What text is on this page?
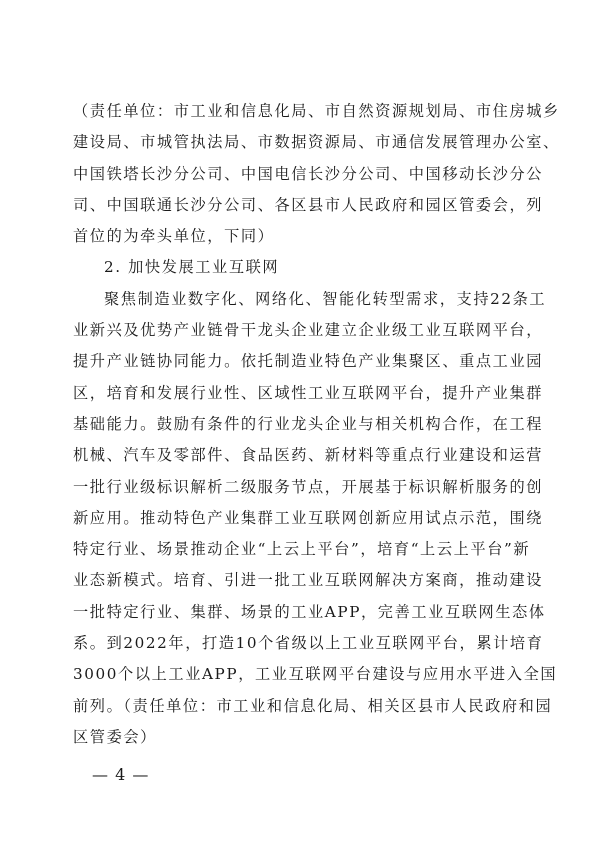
（责任单位：市工业和信息化局、市自然资源规划局、市住房城乡
建设局、市城管执法局、市数据资源局、市通信发展管理办公室、
中国铁塔长沙分公司、中国电信长沙分公司、中国移动长沙分公
司、中国联通长沙分公司、各区县市人民政府和园区管委会，列
首位的为牵头单位，下同）
2. 加快发展工业互联网
聚焦制造业数字化、网络化、智能化转型需求，支持22条工
业新兴及优势产业链骨干龙头企业建立企业级工业互联网平台，
提升产业链协同能力。依托制造业特色产业集聚区、重点工业园
区，培育和发展行业性、区域性工业互联网平台，提升产业集群
基础能力。鼓励有条件的行业龙头企业与相关机构合作，在工程
机械、汽车及零部件、食品医药、新材料等重点行业建设和运营
一批行业级标识解析二级服务节点，开展基于标识解析服务的创
新应用。推动特色产业集群工业互联网创新应用试点示范，围绕
特定行业、场景推动企业“上云上平台”，培育“上云上平台”新
业态新模式。培育、引进一批工业互联网解决方案商，推动建设
一批特定行业、集群、场景的工业APP，完善工业互联网生态体
系。到2022年，打造10个省级以上工业互联网平台，累计培育
3000个以上工业APP，工业互联网平台建设与应用水平进入全国
前列。（责任单位：市工业和信息化局、相关区县市人民政府和园
区管委会）
— 4 —
